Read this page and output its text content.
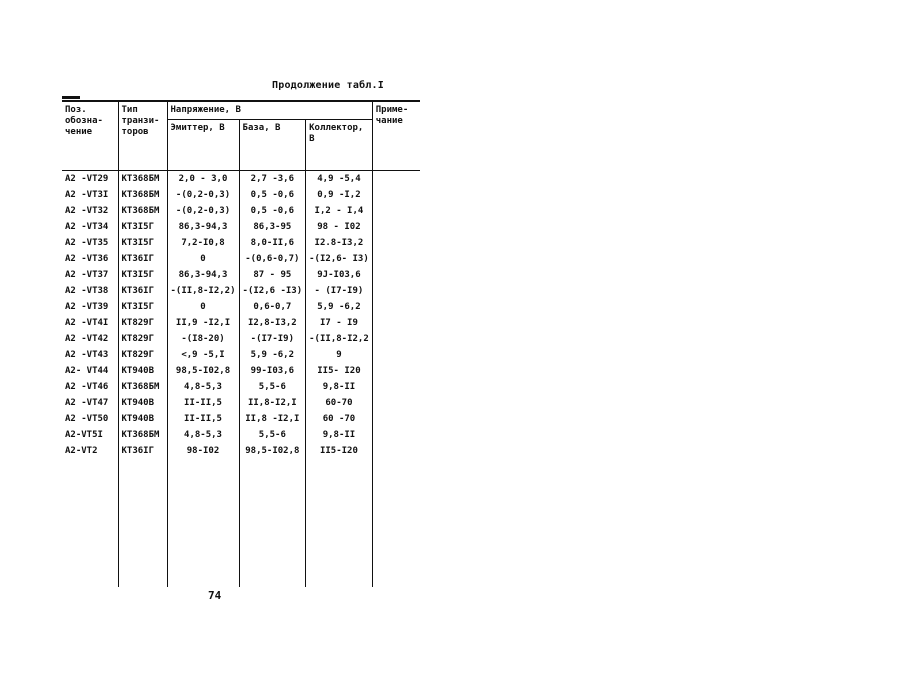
Продолжение табл.I
Поз. обозна- чение	Тип транзи- торов	Напряжение, В			Приме- чание
		Эмиттер, В	База, В	Коллектор, В	
A2 -VT29	КТ368БМ	2,0 - 3,0	2,7 -3,6	4,9 -5,4	
A2 -VT3I	КТ368БМ	-(0,2-0,3)	0,5 -0,6	0,9 -I,2	
A2 -VT32	КТ368БМ	-(0,2-0,3)	0,5 -0,6	I,2 - I,4	
A2 -VT34	КТ3I5Г	86,3-94,3	86,3-95	98 - I02	
A2 -VT35	КТ3I5Г	7,2-I0,8	8,0-II,6	I2.8-I3,2	
A2 -VT36	КТ36IГ	0	-(0,6-0,7)	-(I2,6- I3)	
A2 -VT37	КТ3I5Г	86,3-94,3	87 - 95	9J-I03,6	
A2 -VT38	КТ36IГ	-(II,8-I2,2)	-(I2,6 -I3)	- (I7-I9)	
A2 -VT39	КТ3I5Г	0	0,6-0,7	5,9 -6,2	
A2 -VT4I	КТ829Г	II,9 -I2,I	I2,8-I3,2	I7 - I9	
A2 -VT42	КТ829Г	-(I8-20)	-(I7-I9)	-(II,8-I2,2	
A2 -VT43	КТ829Г	<,9 -5,I	5,9 -6,2	9	
A2- VT44	КТ940В	98,5-I02,8	99-I03,6	II5- I20	
A2 -VT46	КТ368БМ	4,8-5,3	5,5-6	9,8-II	
A2 -VT47	КТ940В	II-II,5	II,8-I2,I	60-70	
A2 -VT50	КТ940В	II-II,5	II,8 -I2,I	60 -70	
A2-VT5I	КТ368БМ	4,8-5,3	5,5-6	9,8-II	
A2-VT2	КТ36IГ	98-I02	98,5-I02,8	II5-I20	

74
